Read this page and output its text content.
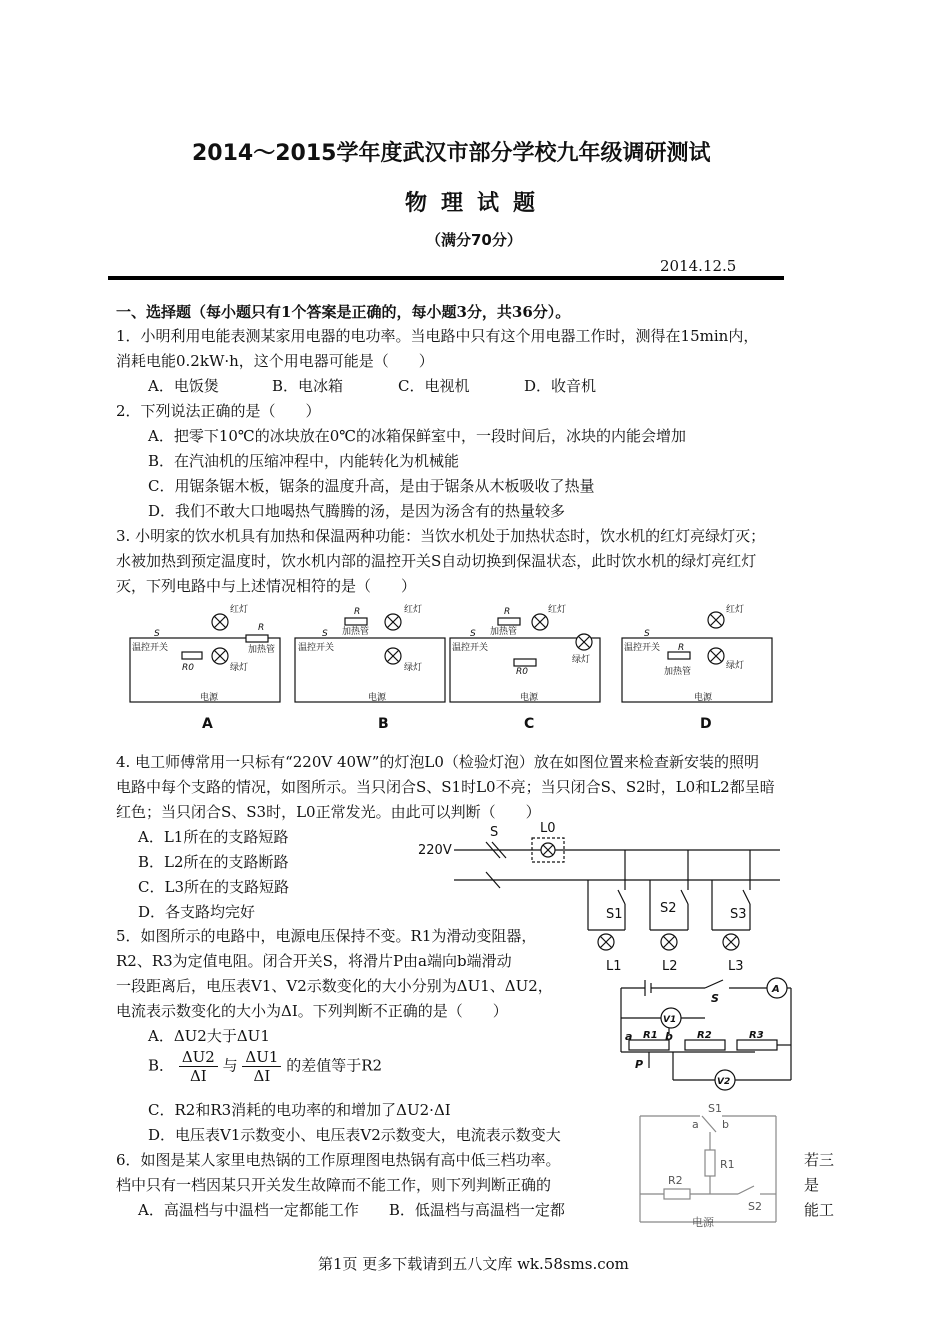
2014～2015学年度武汉市部分学校九年级调研测试
物理试题
（满分70分）
2014.12.5
一、选择题（每小题只有1个答案是正确的，每小题3分，共36分）。
1．小明利用电能表测某家用电器的电功率。当电路中只有这个用电器工作时，测得在15min内，
消耗电能0.2kW·h，这个用电器可能是（　　）
A．电饭煲	B．电冰箱	C．电视机	D．收音机
2．下列说法正确的是（　　）
A．把零下10℃的冰块放在0℃的冰箱保鲜室中，一段时间后，冰块的内能会增加
B．在汽油机的压缩冲程中，内能转化为机械能
C．用锯条锯木板，锯条的温度升高，是由于锯条从木板吸收了热量
D．我们不敢大口地喝热气腾腾的汤，是因为汤含有的热量较多
3. 小明家的饮水机具有加热和保温两种功能：当饮水机处于加热状态时，饮水机的红灯亮绿灯灭；
水被加热到预定温度时，饮水机内部的温控开关S自动切换到保温状态，此时饮水机的绿灯亮红灯
灭，下列电路中与上述情况相符的是（　　）
红灯
绿灯
加热管
温控开关
电源
S
R
R0
红灯
绿灯
加热管
温控开关
电源
S
R	红灯
绿灯
加热管
温控开关
电源
S
R
R0
红灯
绿灯
加热管
温控开关
电源
S
R
A	B	C	D
4. 电工师傅常用一只标有“220V 40W”的灯泡L0（检验灯泡）放在如图位置来检查新安装的照明
电路中每个支路的情况，如图所示。当只闭合S、S1时L0不亮；当只闭合S、S2时，L0和L2都呈暗
红色；当只闭合S、S3时，L0正常发光。由此可以判断（　　）
A．L1所在的支路短路
B．L2所在的支路断路
C．L3所在的支路短路
D．各支路均完好
220V
S	L0
S1	S2	S3
L1	L2	L3
5．如图所示的电路中，电源电压保持不变。R1为滑动变阻器，
R2、R3为定值电阻。闭合开关S，将滑片P由a端向b端滑动
一段距离后，电压表V1、V2示数变化的大小分别为ΔU1、ΔU2，
电流表示数变化的大小为ΔI。下列判断不正确的是（　　）
A．ΔU2大于ΔU1
B． $\frac{\Delta U2}{\Delta I}$ 与 $\frac{\Delta U1}{\Delta I}$ 的差值等于R2
C．R2和R3消耗的电功率的和增加了ΔU2·ΔI
D．电压表V1示数变小、电压表V2示数变大，电流表示数变大
a	b
P
S
R1	R2	R3
V1
V2
A
6．如图是某人家里电热锅的工作原理图电热锅有高中低三档功率。	若三
档中只有一档因某只开关发生故障而不能工作，则下列判断正确的	是
A．高温档与中温档一定都能工作　　B．低温档与高温档一定都	能工
S1
a b
R1
R2
S2
电源
第1页 更多下载请到五八文库 wk.58sms.com
